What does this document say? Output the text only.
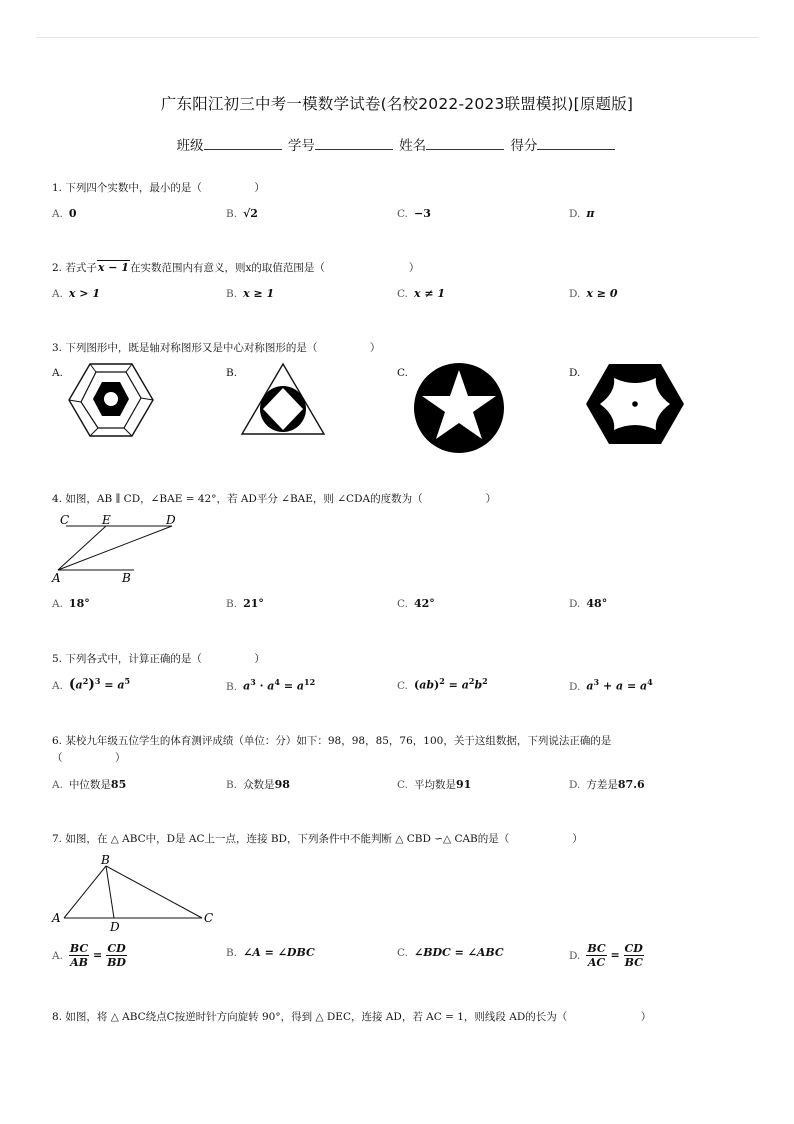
广东阳江初三中考一模数学试卷(名校2022-2023联盟模拟)[原题版]
班级	学号	姓名	得分
1. 下列四个实数中，最小的是（　　　　　）
A. 0	B. √2	C. −3	D. π
2. 若式子x − 1在实数范围内有意义，则x的取值范围是（　　　　　　　　）
A. x > 1	B. x ≥ 1	C. x ≠ 1	D. x ≥ 0
3. 下列图形中，既是轴对称图形又是中心对称图形的是（　　　　　）
A.	B.	C.	D.
4. 如图，AB ∥ CD，∠BAE = 42°，若 AD平分 ∠BAE，则 ∠CDA的度数为（　　　　　　）
C	E	D
A	B
A. 18°	B. 21°	C. 42°	D. 48°
5. 下列各式中，计算正确的是（　　　　　）
A. $(a^2)^3 = a^5$	B. $a^3 \cdot a^4 = a^{12}$	C. $(ab)^2 = a^2b^2$	D. $a^3 + a = a^4$
6. 某校九年级五位学生的体育测评成绩（单位：分）如下：98，98，85，76，100，关于这组数据，下列说法正确的是
（　　　　　）
A. 中位数是85	B. 众数是98	C. 平均数是91	D. 方差是87.6
7. 如图，在 △ ABC中，D是 AC上一点，连接 BD，下列条件中不能判断 △ CBD ∽△ CAB的是（　　　　　　）
B
A
D
C
A. $\frac{BC}{AB} = \frac{CD}{BD}$	B. ∠A = ∠DBC	C. ∠BDC = ∠ABC	D. $\frac{BC}{AC} = \frac{CD}{BC}$
8. 如图，将 △ ABC绕点C按逆时针方向旋转 90°，得到 △ DEC，连接 AD，若 AC = 1，则线段 AD的长为（　　　　　　　）
